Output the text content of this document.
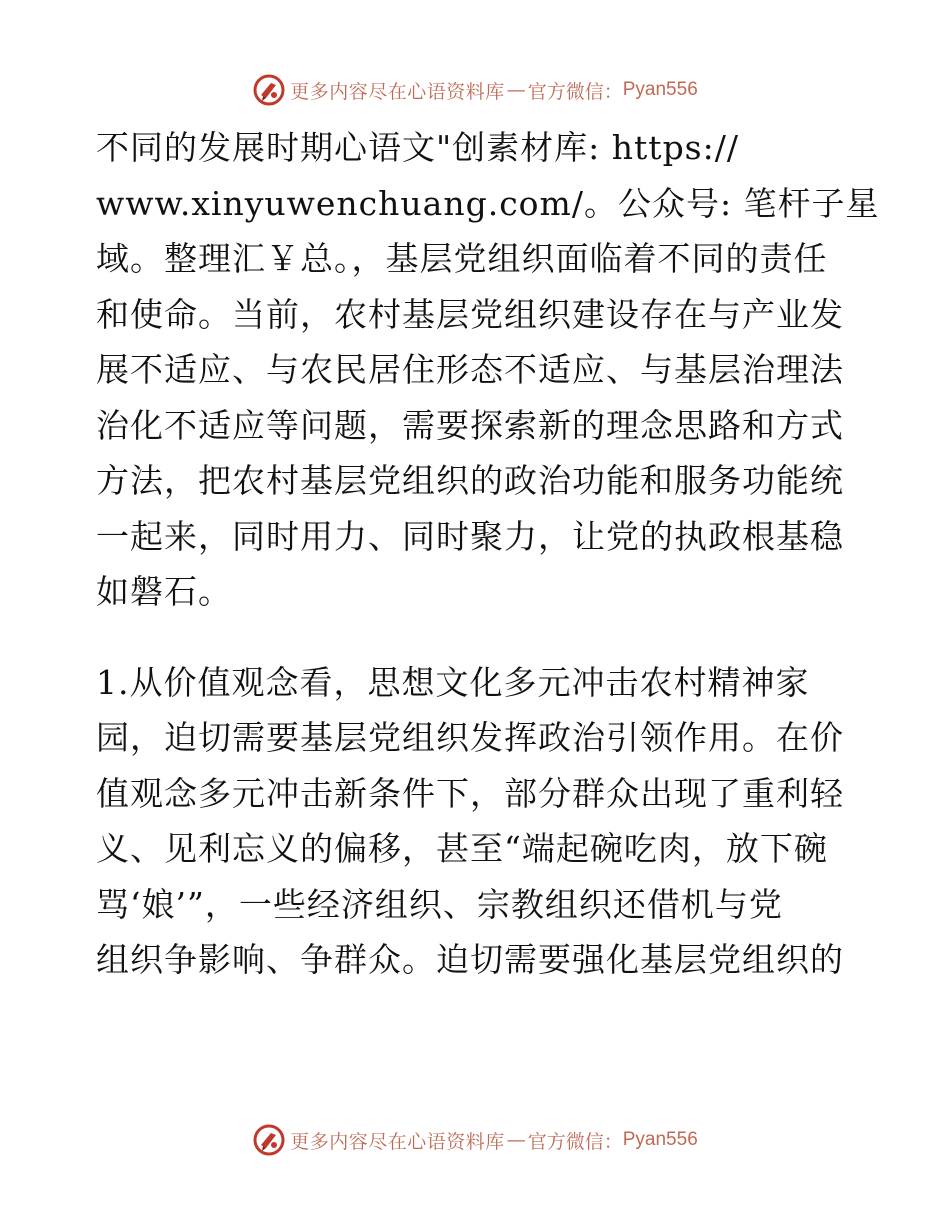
更多内容尽在心语资料库 — 官方微信： Pyan556

不同的发展时期心语文"创素材库: https://
www.xinyuwenchuang.com/。公众号: 笔杆子星
域。整理汇￥总。，基层党组织面临着不同的责任
和使命。当前，农村基层党组织建设存在与产业发
展不适应、与农民居住形态不适应、与基层治理法
治化不适应等问题，需要探索新的理念思路和方式
方法，把农村基层党组织的政治功能和服务功能统
一起来，同时用力、同时聚力，让党的执政根基稳
如磐石。

1.从价值观念看，思想文化多元冲击农村精神家
园，迫切需要基层党组织发挥政治引领作用。在价
值观念多元冲击新条件下，部分群众出现了重利轻
义、见利忘义的偏移，甚至“端起碗吃肉，放下碗
骂‘娘’”，一些经济组织、宗教组织还借机与党
组织争影响、争群众。迫切需要强化基层党组织的

更多内容尽在心语资料库 — 官方微信： Pyan556
